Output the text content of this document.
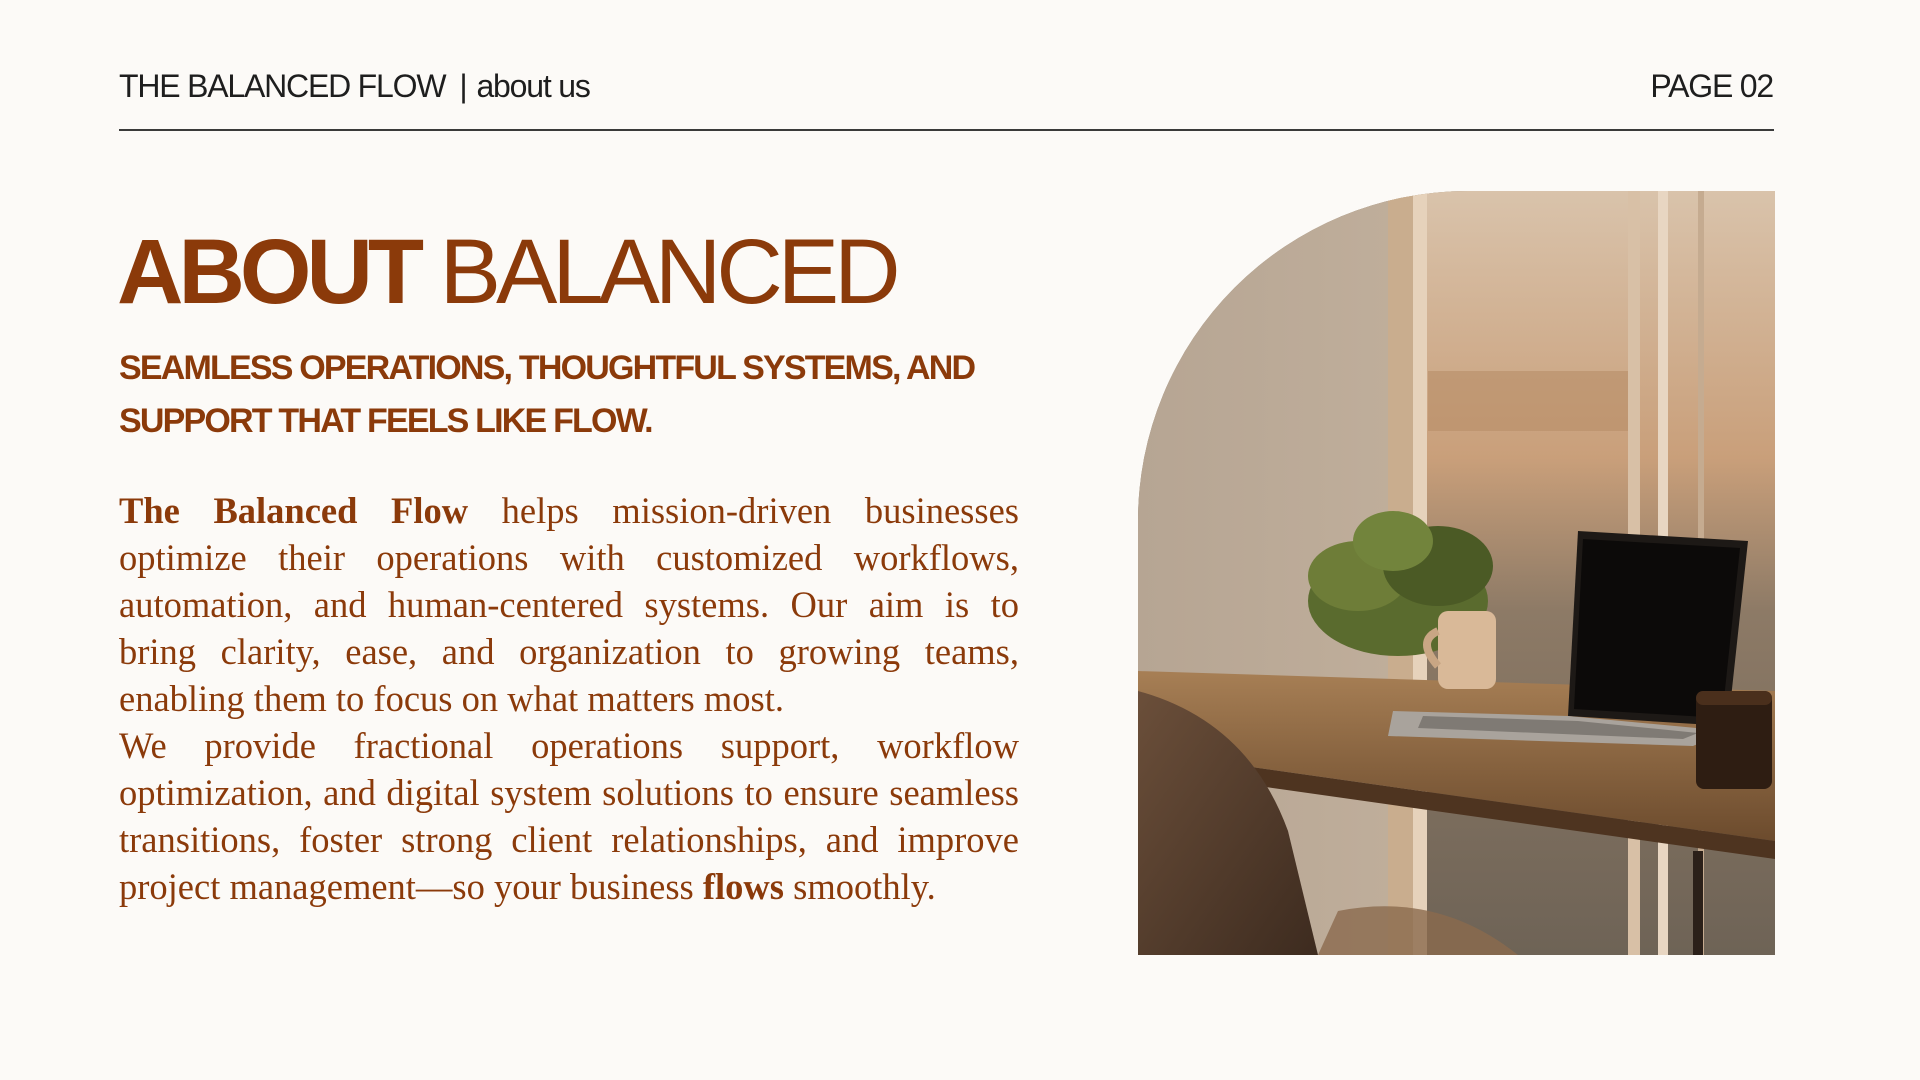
THE BALANCED FLOW | about us	PAGE 02
ABOUT BALANCED
SEAMLESS OPERATIONS, THOUGHTFUL SYSTEMS, AND
SUPPORT THAT FEELS LIKE FLOW.

The Balanced Flow helps mission-driven businesses optimize their operations with customized workflows, automation, and human-centered systems. Our aim is to bring clarity, ease, and organization to growing teams, enabling them to focus on what matters most.

We provide fractional operations support, workflow optimization, and digital system solutions to ensure seamless transitions, foster strong client relationships, and improve project management—so your business flows smoothly.
